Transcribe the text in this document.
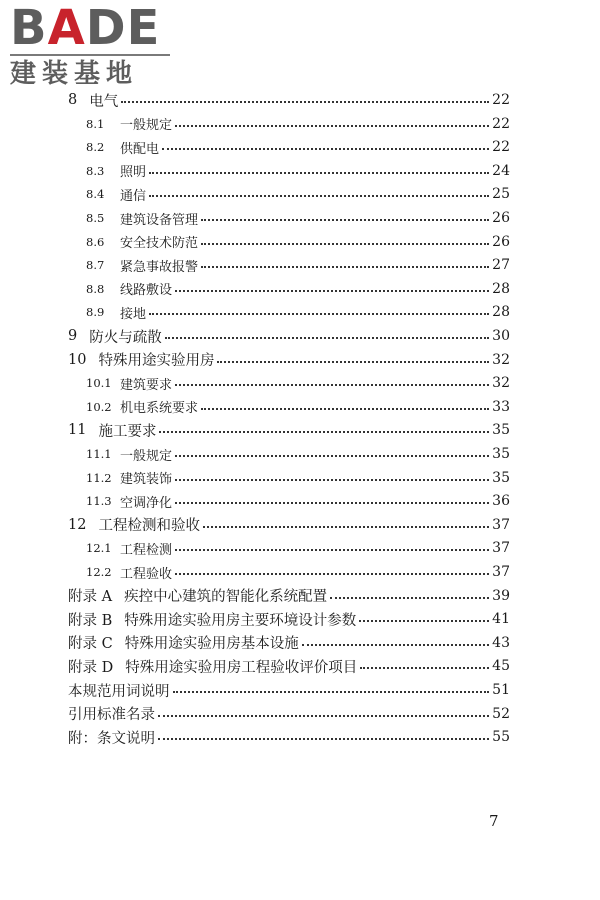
BADE
建装基地
8 电气	22
8.1	一般规定	22
8.2	供配电	22
8.3	照明	24
8.4	通信	25
8.5	建筑设备管理	26
8.6	安全技术防范	26
8.7	紧急事故报警	27
8.8	线路敷设	28
8.9	接地	28
9 防火与疏散	30
10 特殊用途实验用房	32
10.1 建筑要求	32
10.2 机电系统要求	33
11 施工要求	35
11.1 一般规定	35
11.2 建筑装饰	35
11.3 空调净化	36
12 工程检测和验收	37
12.1 工程检测	37
12.2 工程验收	37
附录 A 疾控中心建筑的智能化系统配置	39
附录 B 特殊用途实验用房主要环境设计参数	41
附录 C 特殊用途实验用房基本设施	43
附录 D 特殊用途实验用房工程验收评价项目	45
本规范用词说明	51
引用标准名录	52
附：条文说明	55
7
